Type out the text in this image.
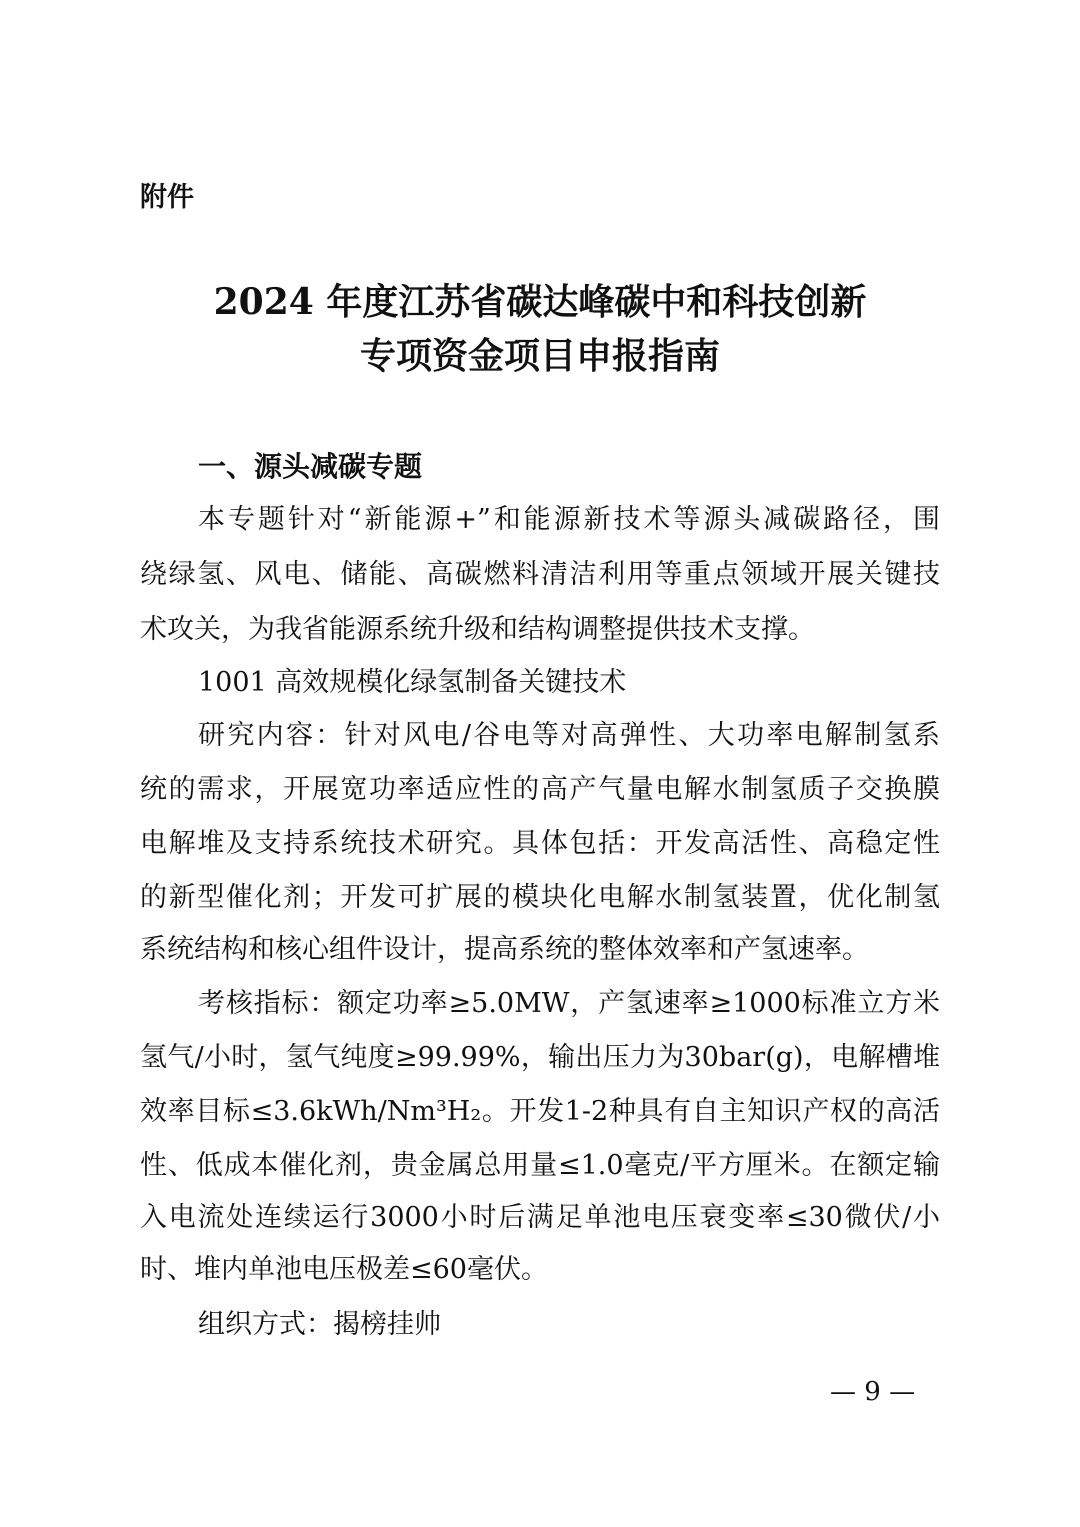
附件
2024 年度江苏省碳达峰碳中和科技创新
专项资金项目申报指南
一、源头减碳专题
本专题针对“新能源+”和能源新技术等源头减碳路径，围
绕绿氢、风电、储能、高碳燃料清洁利用等重点领域开展关键技
术攻关，为我省能源系统升级和结构调整提供技术支撑。
1001 高效规模化绿氢制备关键技术
研究内容：针对风电/谷电等对高弹性、大功率电解制氢系
统的需求，开展宽功率适应性的高产气量电解水制氢质子交换膜
电解堆及支持系统技术研究。具体包括：开发高活性、高稳定性
的新型催化剂；开发可扩展的模块化电解水制氢装置，优化制氢
系统结构和核心组件设计，提高系统的整体效率和产氢速率。
考核指标：额定功率≥5.0MW，产氢速率≥1000标准立方米
氢气/小时，氢气纯度≥99.99%，输出压力为30bar(g)，电解槽堆
效率目标≤3.6kWh/Nm³H₂。开发1-2种具有自主知识产权的高活
性、低成本催化剂，贵金属总用量≤1.0毫克/平方厘米。在额定输
入电流处连续运行3000小时后满足单池电压衰变率≤30微伏/小
时、堆内单池电压极差≤60毫伏。
组织方式：揭榜挂帅
— 9 —
